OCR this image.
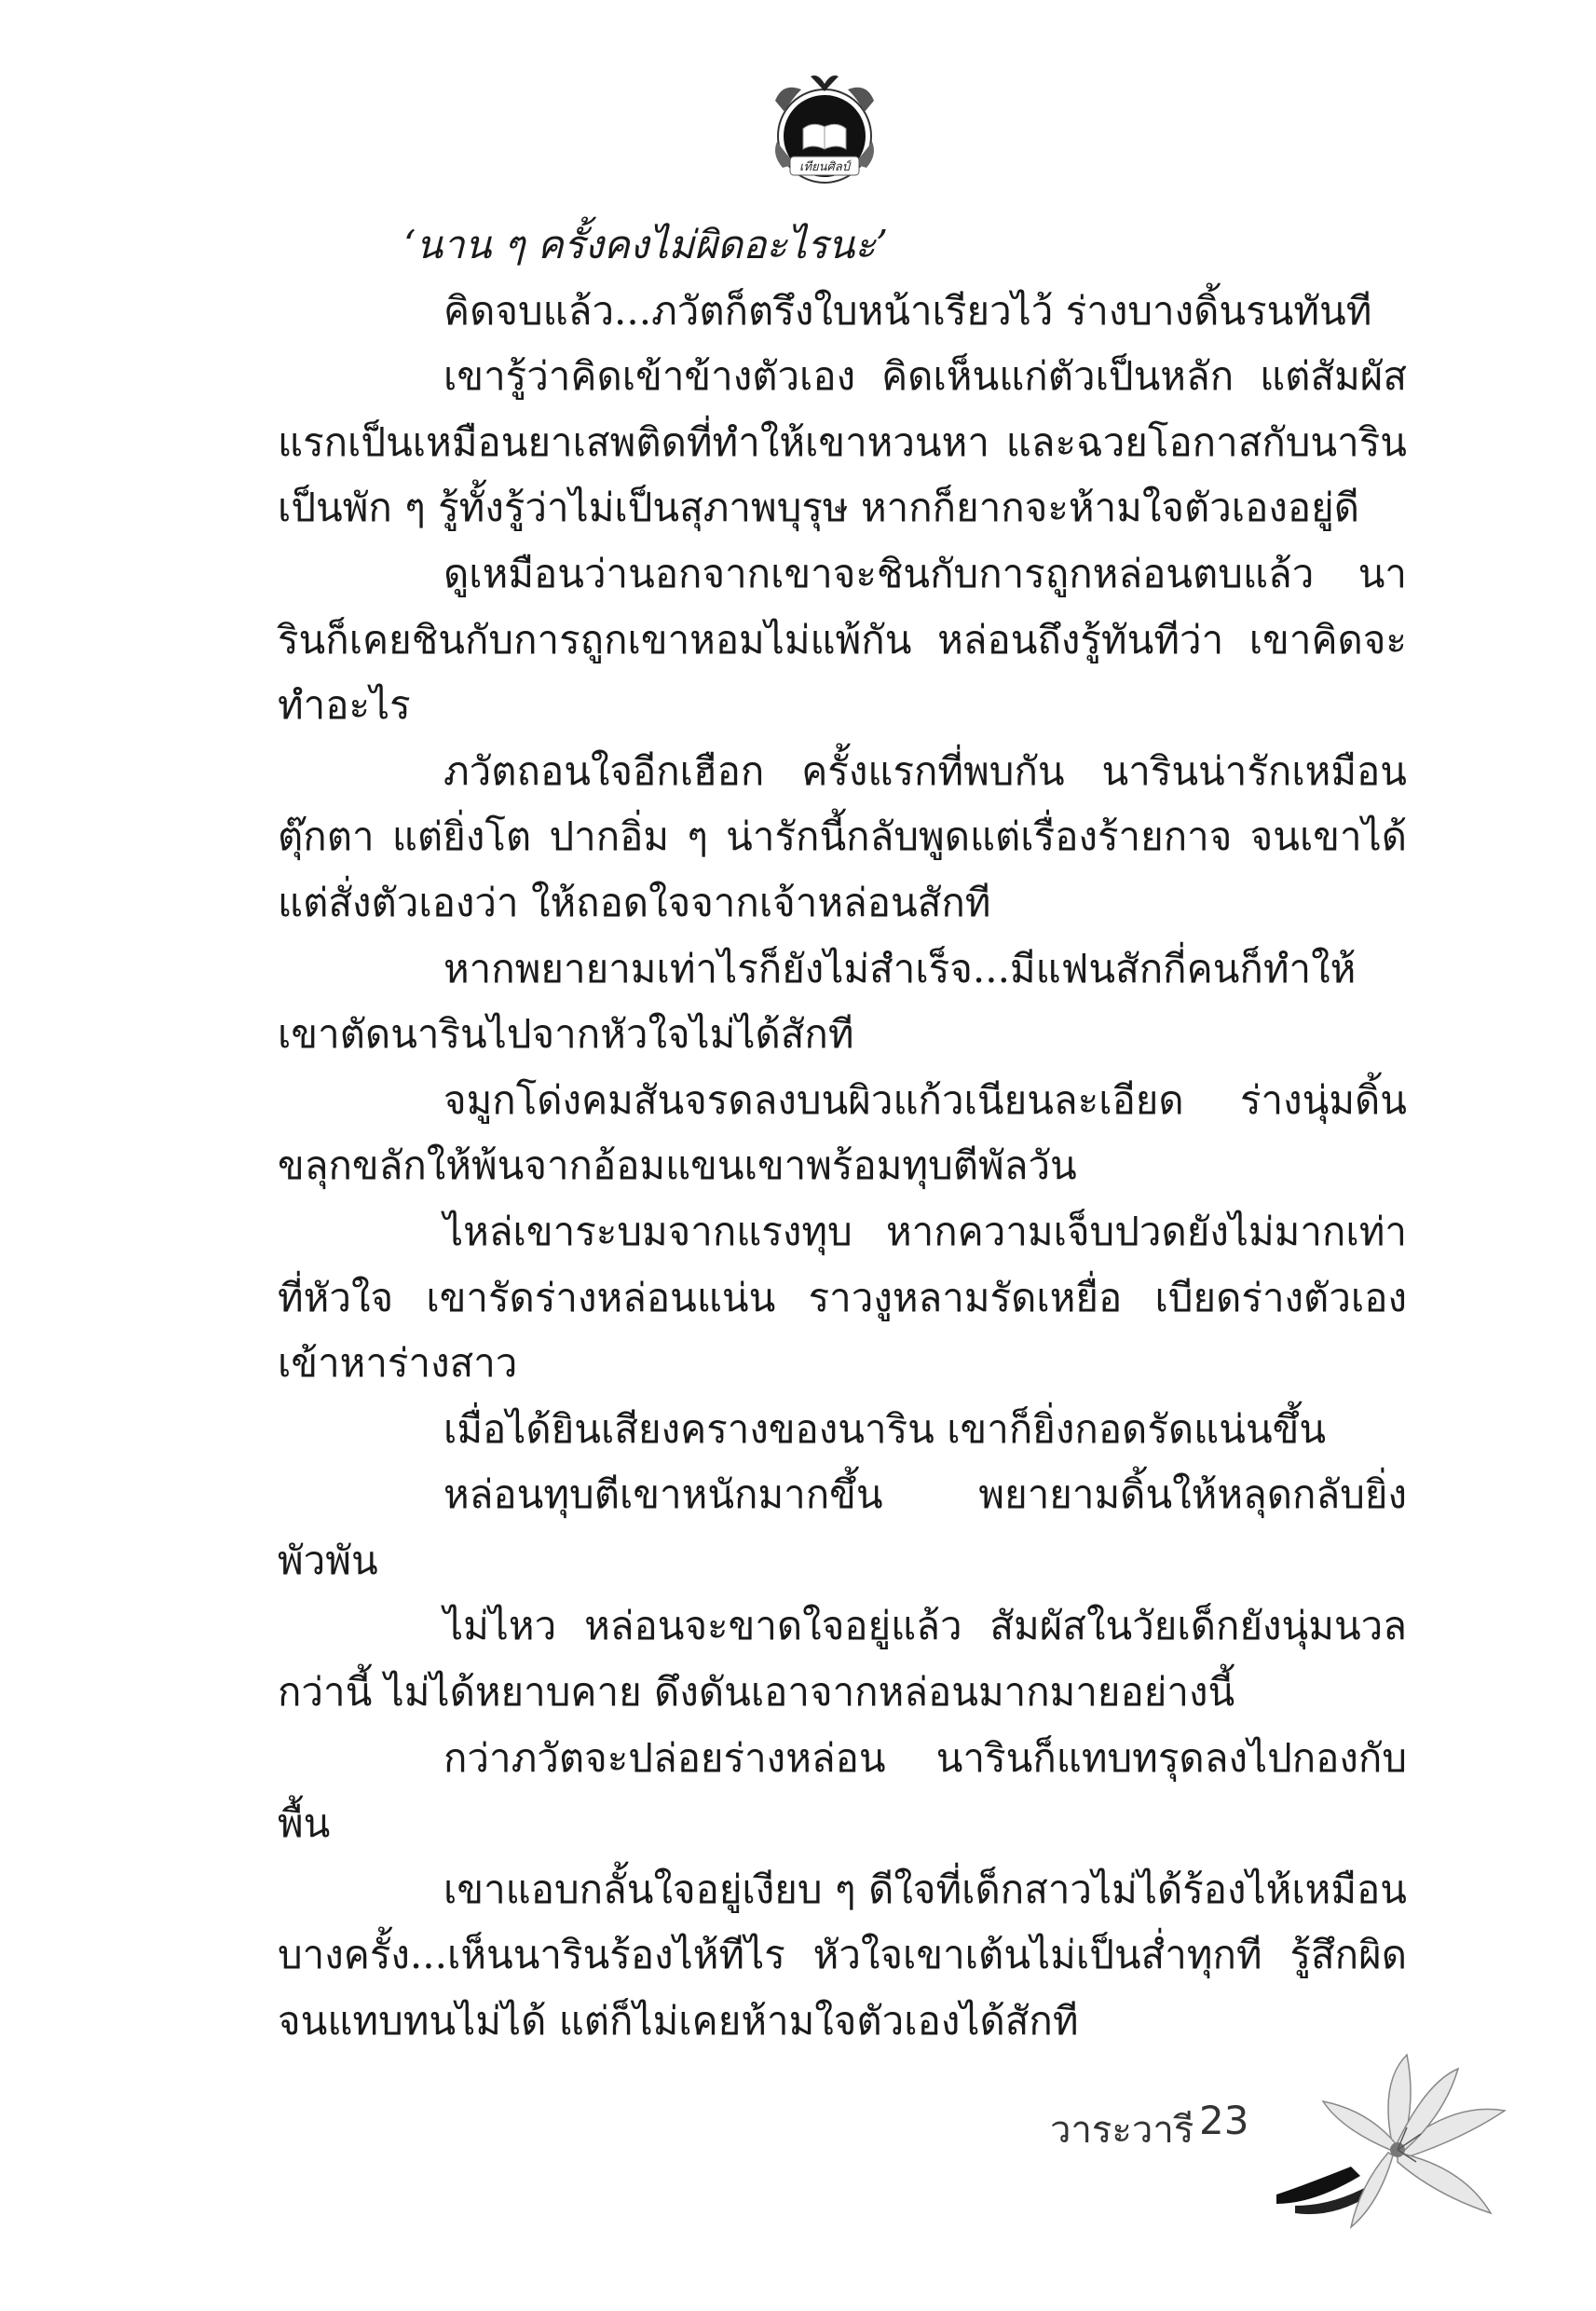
เทียนศิลป์

‘นาน ๆ ครั้งคงไม่ผิดอะไรนะ’

คิดจบแล้ว...ภวัตก็ตรึงใบหน้าเรียวไว้ ร่างบางดิ้นรนทันที

เขารู้ว่าคิดเข้าข้างตัวเอง คิดเห็นแก่ตัวเป็นหลัก แต่สัมผัสแรกเป็นเหมือนยาเสพติดที่ทำให้เขาหวนหา และฉวยโอกาสกับนารินเป็นพัก ๆ รู้ทั้งรู้ว่าไม่เป็นสุภาพบุรุษ หากก็ยากจะห้ามใจตัวเองอยู่ดี

ดูเหมือนว่านอกจากเขาจะชินกับการถูกหล่อนตบแล้ว นารินก็เคยชินกับการถูกเขาหอมไม่แพ้กัน หล่อนถึงรู้ทันทีว่า เขาคิดจะทำอะไร

ภวัตถอนใจอีกเฮือก ครั้งแรกที่พบกัน นารินน่ารักเหมือนตุ๊กตา แต่ยิ่งโต ปากอิ่ม ๆ น่ารักนี้กลับพูดแต่เรื่องร้ายกาจ จนเขาได้แต่สั่งตัวเองว่า ให้ถอดใจจากเจ้าหล่อนสักที

หากพยายามเท่าไรก็ยังไม่สำเร็จ...มีแฟนสักกี่คนก็ทำให้เขาตัดนารินไปจากหัวใจไม่ได้สักที

จมูกโด่งคมสันจรดลงบนผิวแก้วเนียนละเอียด ร่างนุ่มดิ้นขลุกขลักให้พ้นจากอ้อมแขนเขาพร้อมทุบตีพัลวัน

ไหล่เขาระบมจากแรงทุบ หากความเจ็บปวดยังไม่มากเท่าที่หัวใจ เขารัดร่างหล่อนแน่น ราวงูหลามรัดเหยื่อ เบียดร่างตัวเองเข้าหาร่างสาว

เมื่อได้ยินเสียงครางของนาริน เขาก็ยิ่งกอดรัดแน่นขึ้น

หล่อนทุบตีเขาหนักมากขึ้น พยายามดิ้นให้หลุดกลับยิ่งพัวพัน

ไม่ไหว หล่อนจะขาดใจอยู่แล้ว สัมผัสในวัยเด็กยังนุ่มนวลกว่านี้ ไม่ได้หยาบคาย ดึงดันเอาจากหล่อนมากมายอย่างนี้

กว่าภวัตจะปล่อยร่างหล่อน นารินก็แทบทรุดลงไปกองกับพื้น

เขาแอบกลั้นใจอยู่เงียบ ๆ ดีใจที่เด็กสาวไม่ได้ร้องไห้เหมือนบางครั้ง...เห็นนารินร้องไห้ทีไร หัวใจเขาเต้นไม่เป็นส่ำทุกที รู้สึกผิดจนแทบทนไม่ได้ แต่ก็ไม่เคยห้ามใจตัวเองได้สักที

วาระวารี 23
